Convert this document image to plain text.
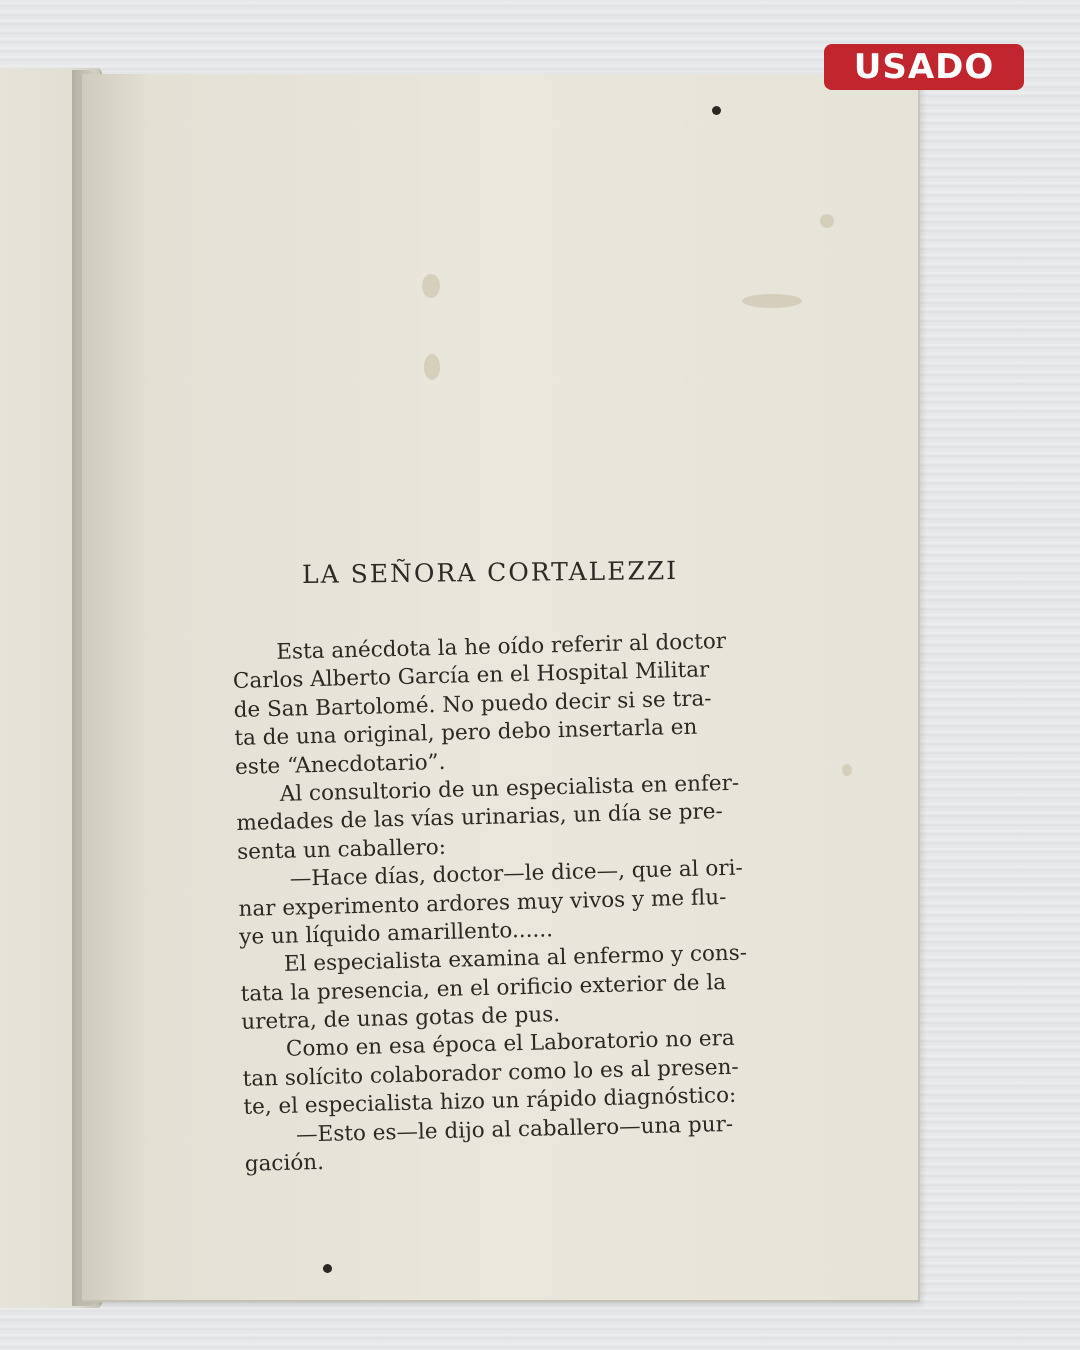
LA SEÑORA CORTALEZZI
Esta anécdota la he oído referir al doctor
Carlos Alberto García en el Hospital Militar
de San Bartolomé. No puedo decir si se tra-
ta de una original, pero debo insertarla en
este “Anecdotario”.
Al consultorio de un especialista en enfer-
medades de las vías urinarias, un día se pre-
senta un caballero:
—Hace días, doctor—le dice—, que al ori-
nar experimento ardores muy vivos y me flu-
ye un líquido amarillento......
El especialista examina al enfermo y cons-
tata la presencia, en el orificio exterior de la
uretra, de unas gotas de pus.
Como en esa época el Laboratorio no era
tan solícito colaborador como lo es al presen-
te, el especialista hizo un rápido diagnóstico:
—Esto es—le dijo al caballero—una pur-
gación.
USADO
